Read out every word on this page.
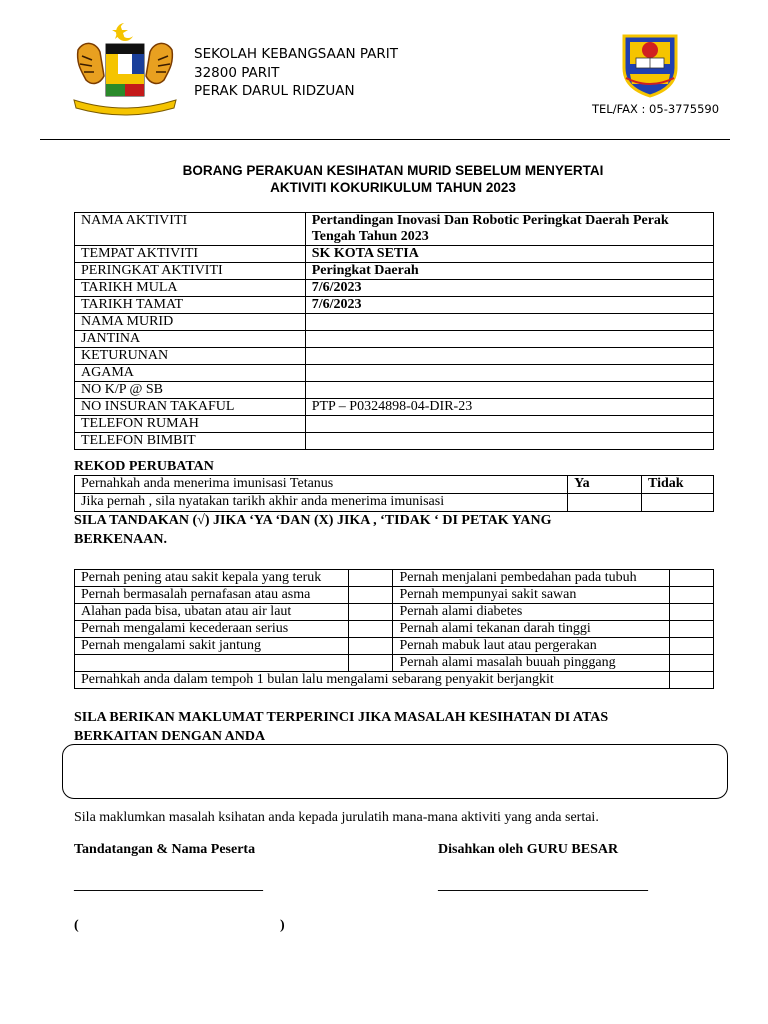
SEKOLAH KEBANGSAAN PARIT
32800 PARIT
PERAK DARUL RIDZUAN
TEL/FAX : 05-3775590
BORANG PERAKUAN KESIHATAN MURID SEBELUM MENYERTAI
AKTIVITI KOKURIKULUM TAHUN 2023
NAMA AKTIVITI	Pertandingan Inovasi Dan Robotic Peringkat Daerah Perak Tengah Tahun 2023
TEMPAT AKTIVITI	SK KOTA SETIA
PERINGKAT AKTIVITI	Peringkat Daerah
TARIKH MULA	7/6/2023
TARIKH TAMAT	7/6/2023
NAMA MURID	
JANTINA	
KETURUNAN	
AGAMA	
NO K/P @ SB	
NO INSURAN TAKAFUL	PTP – P0324898-04-DIR-23
TELEFON RUMAH	
TELEFON BIMBIT	
REKOD PERUBATAN
Pernahkah anda menerima imunisasi Tetanus	Ya	Tidak
Jika pernah , sila nyatakan tarikh akhir anda menerima imunisasi		
SILA TANDAKAN (√) JIKA ‘YA ‘DAN (X) JIKA , ‘TIDAK ‘ DI PETAK YANG
BERKENAAN.
Pernah pening atau sakit kepala yang teruk		Pernah menjalani pembedahan pada tubuh	
Pernah bermasalah pernafasan atau asma		Pernah mempunyai sakit sawan	
Alahan pada bisa, ubatan atau air laut		Pernah alami diabetes	
Pernah mengalami kecederaan serius		Pernah alami tekanan darah tinggi	
Pernah mengalami sakit jantung		Pernah mabuk laut atau pergerakan	
		Pernah alami masalah buuah pinggang	
Pernahkah anda dalam tempoh 1 bulan lalu mengalami sebarang penyakit berjangkit			
SILA BERIKAN MAKLUMAT TERPERINCI JIKA MASALAH KESIHATAN DI ATAS
BERKAITAN DENGAN ANDA
Sila maklumkan masalah ksihatan anda kepada jurulatih mana-mana aktiviti yang anda sertai.
Tandatangan & Nama Peserta	Disahkan oleh GURU BESAR
___________________________	______________________________
(	)
